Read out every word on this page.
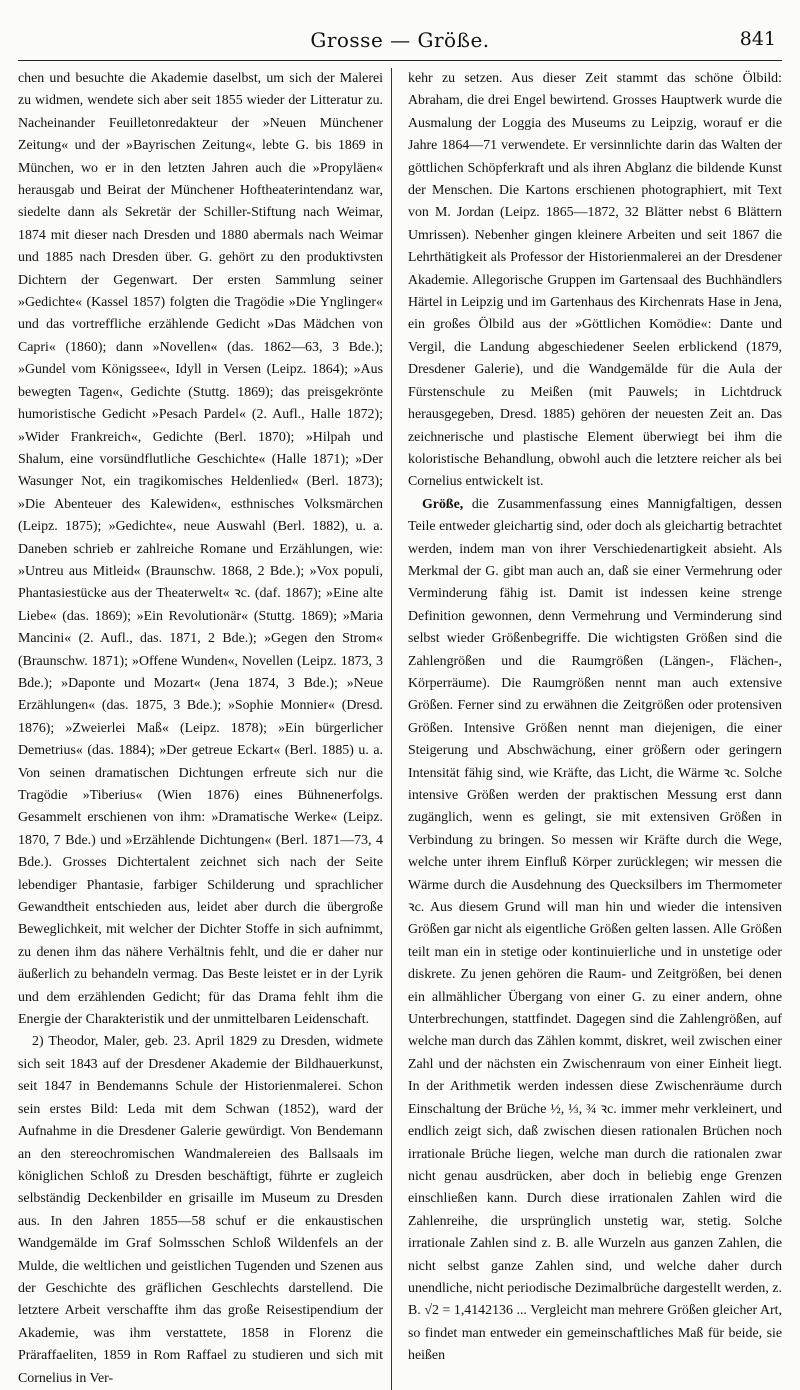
Grosse — Größe.	841

chen und besuchte die Akademie daselbst, um sich der Malerei zu widmen, wendete sich aber seit 1855 wieder der Litteratur zu. Nacheinander Feuilletonredakteur der »Neuen Münchener Zeitung« und der »Bayrischen Zeitung«, lebte G. bis 1869 in München, wo er in den letzten Jahren auch die »Propyläen« herausgab und Beirat der Münchener Hoftheaterintendanz war, siedelte dann als Sekretär der Schiller-Stiftung nach Weimar, 1874 mit dieser nach Dresden und 1880 abermals nach Weimar und 1885 nach Dresden über. G. gehört zu den produktivsten Dichtern der Gegenwart. Der ersten Sammlung seiner »Gedichte« (Kassel 1857) folgten die Tragödie »Die Ynglinger« und das vortreffliche erzählende Gedicht »Das Mädchen von Capri« (1860); dann »Novellen« (das. 1862—63, 3 Bde.); »Gundel vom Königssee«, Idyll in Versen (Leipz. 1864); »Aus bewegten Tagen«, Gedichte (Stuttg. 1869); das preisgekrönte humoristische Gedicht »Pesach Pardel« (2. Aufl., Halle 1872); »Wider Frankreich«, Gedichte (Berl. 1870); »Hilpah und Shalum, eine vorsündflutliche Geschichte« (Halle 1871); »Der Wasunger Not, ein tragikomisches Heldenlied« (Berl. 1873); »Die Abenteuer des Kalewiden«, esthnisches Volksmärchen (Leipz. 1875); »Gedichte«, neue Auswahl (Berl. 1882), u. a. Daneben schrieb er zahlreiche Romane und Erzählungen, wie: »Untreu aus Mitleid« (Braunschw. 1868, 2 Bde.); »Vox populi, Phantasiestücke aus der Theaterwelt« ꝛc. (daf. 1867); »Eine alte Liebe« (das. 1869); »Ein Revolutionär« (Stuttg. 1869); »Maria Mancini« (2. Aufl., das. 1871, 2 Bde.); »Gegen den Strom« (Braunschw. 1871); »Offene Wunden«, Novellen (Leipz. 1873, 3 Bde.); »Daponte und Mozart« (Jena 1874, 3 Bde.); »Neue Erzählungen« (das. 1875, 3 Bde.); »Sophie Monnier« (Dresd. 1876); »Zweierlei Maß« (Leipz. 1878); »Ein bürgerlicher Demetrius« (das. 1884); »Der getreue Eckart« (Berl. 1885) u. a. Von seinen dramatischen Dichtungen erfreute sich nur die Tragödie »Tiberius« (Wien 1876) eines Bühnenerfolgs. Gesammelt erschienen von ihm: »Dramatische Werke« (Leipz. 1870, 7 Bde.) und »Erzählende Dichtungen« (Berl. 1871—73, 4 Bde.). Grosses Dichtertalent zeichnet sich nach der Seite lebendiger Phantasie, farbiger Schilderung und sprachlicher Gewandtheit entschieden aus, leidet aber durch die übergroße Beweglichkeit, mit welcher der Dichter Stoffe in sich aufnimmt, zu denen ihm das nähere Verhältnis fehlt, und die er daher nur äußerlich zu behandeln vermag. Das Beste leistet er in der Lyrik und dem erzählenden Gedicht; für das Drama fehlt ihm die Energie der Charakteristik und der unmittelbaren Leidenschaft.

2) Theodor, Maler, geb. 23. April 1829 zu Dresden, widmete sich seit 1843 auf der Dresdener Akademie der Bildhauerkunst, seit 1847 in Bendemanns Schule der Historienmalerei. Schon sein erstes Bild: Leda mit dem Schwan (1852), ward der Aufnahme in die Dresdener Galerie gewürdigt. Von Bendemann an den stereochromischen Wandmalereien des Ballsaals im königlichen Schloß zu Dresden beschäftigt, führte er zugleich selbständig Deckenbilder en grisaille im Museum zu Dresden aus. In den Jahren 1855—58 schuf er die enkaustischen Wandgemälde im Graf Solmsschen Schloß Wildenfels an der Mulde, die weltlichen und geistlichen Tugenden und Szenen aus der Geschichte des gräflichen Geschlechts darstellend. Die letztere Arbeit verschaffte ihm das große Reisestipendium der Akademie, was ihm verstattete, 1858 in Florenz die Präraffaeliten, 1859 in Rom Raffael zu studieren und sich mit Cornelius in Ver-

kehr zu setzen. Aus dieser Zeit stammt das schöne Ölbild: Abraham, die drei Engel bewirtend. Grosses Hauptwerk wurde die Ausmalung der Loggia des Museums zu Leipzig, worauf er die Jahre 1864—71 verwendete. Er versinnlichte darin das Walten der göttlichen Schöpferkraft und als ihren Abglanz die bildende Kunst der Menschen. Die Kartons erschienen photographiert, mit Text von M. Jordan (Leipz. 1865—1872, 32 Blätter nebst 6 Blättern Umrissen). Nebenher gingen kleinere Arbeiten und seit 1867 die Lehrthätigkeit als Professor der Historienmalerei an der Dresdener Akademie. Allegorische Gruppen im Gartensaal des Buchhändlers Härtel in Leipzig und im Gartenhaus des Kirchenrats Hase in Jena, ein großes Ölbild aus der »Göttlichen Komödie«: Dante und Vergil, die Landung abgeschiedener Seelen erblickend (1879, Dresdener Galerie), und die Wandgemälde für die Aula der Fürstenschule zu Meißen (mit Pauwels; in Lichtdruck herausgegeben, Dresd. 1885) gehören der neuesten Zeit an. Das zeichnerische und plastische Element überwiegt bei ihm die koloristische Behandlung, obwohl auch die letztere reicher als bei Cornelius entwickelt ist.

Größe, die Zusammenfassung eines Mannigfaltigen, dessen Teile entweder gleichartig sind, oder doch als gleichartig betrachtet werden, indem man von ihrer Verschiedenartigkeit absieht. Als Merkmal der G. gibt man auch an, daß sie einer Vermehrung oder Verminderung fähig ist. Damit ist indessen keine strenge Definition gewonnen, denn Vermehrung und Verminderung sind selbst wieder Größenbegriffe. Die wichtigsten Größen sind die Zahlengrößen und die Raumgrößen (Längen-, Flächen-, Körperräume). Die Raumgrößen nennt man auch extensive Größen. Ferner sind zu erwähnen die Zeitgrößen oder protensiven Größen. Intensive Größen nennt man diejenigen, die einer Steigerung und Abschwächung, einer größern oder geringern Intensität fähig sind, wie Kräfte, das Licht, die Wärme ꝛc. Solche intensive Größen werden der praktischen Messung erst dann zugänglich, wenn es gelingt, sie mit extensiven Größen in Verbindung zu bringen. So messen wir Kräfte durch die Wege, welche unter ihrem Einfluß Körper zurücklegen; wir messen die Wärme durch die Ausdehnung des Quecksilbers im Thermometer ꝛc. Aus diesem Grund will man hin und wieder die intensiven Größen gar nicht als eigentliche Größen gelten lassen. Alle Größen teilt man ein in stetige oder kontinuierliche und in unstetige oder diskrete. Zu jenen gehören die Raum- und Zeitgrößen, bei denen ein allmählicher Übergang von einer G. zu einer andern, ohne Unterbrechungen, stattfindet. Dagegen sind die Zahlengrößen, auf welche man durch das Zählen kommt, diskret, weil zwischen einer Zahl und der nächsten ein Zwischenraum von einer Einheit liegt. In der Arithmetik werden indessen diese Zwischenräume durch Einschaltung der Brüche ½, ⅓, ¾ ꝛc. immer mehr verkleinert, und endlich zeigt sich, daß zwischen diesen rationalen Brüchen noch irrationale Brüche liegen, welche man durch die rationalen zwar nicht genau ausdrücken, aber doch in beliebig enge Grenzen einschließen kann. Durch diese irrationalen Zahlen wird die Zahlenreihe, die ursprünglich unstetig war, stetig. Solche irrationale Zahlen sind z. B. alle Wurzeln aus ganzen Zahlen, die nicht selbst ganze Zahlen sind, und welche daher durch unendliche, nicht periodische Dezimalbrüche dargestellt werden, z. B. √2 = 1,4142136 ... Vergleicht man mehrere Größen gleicher Art, so findet man entweder ein gemeinschaftliches Maß für beide, sie heißen
